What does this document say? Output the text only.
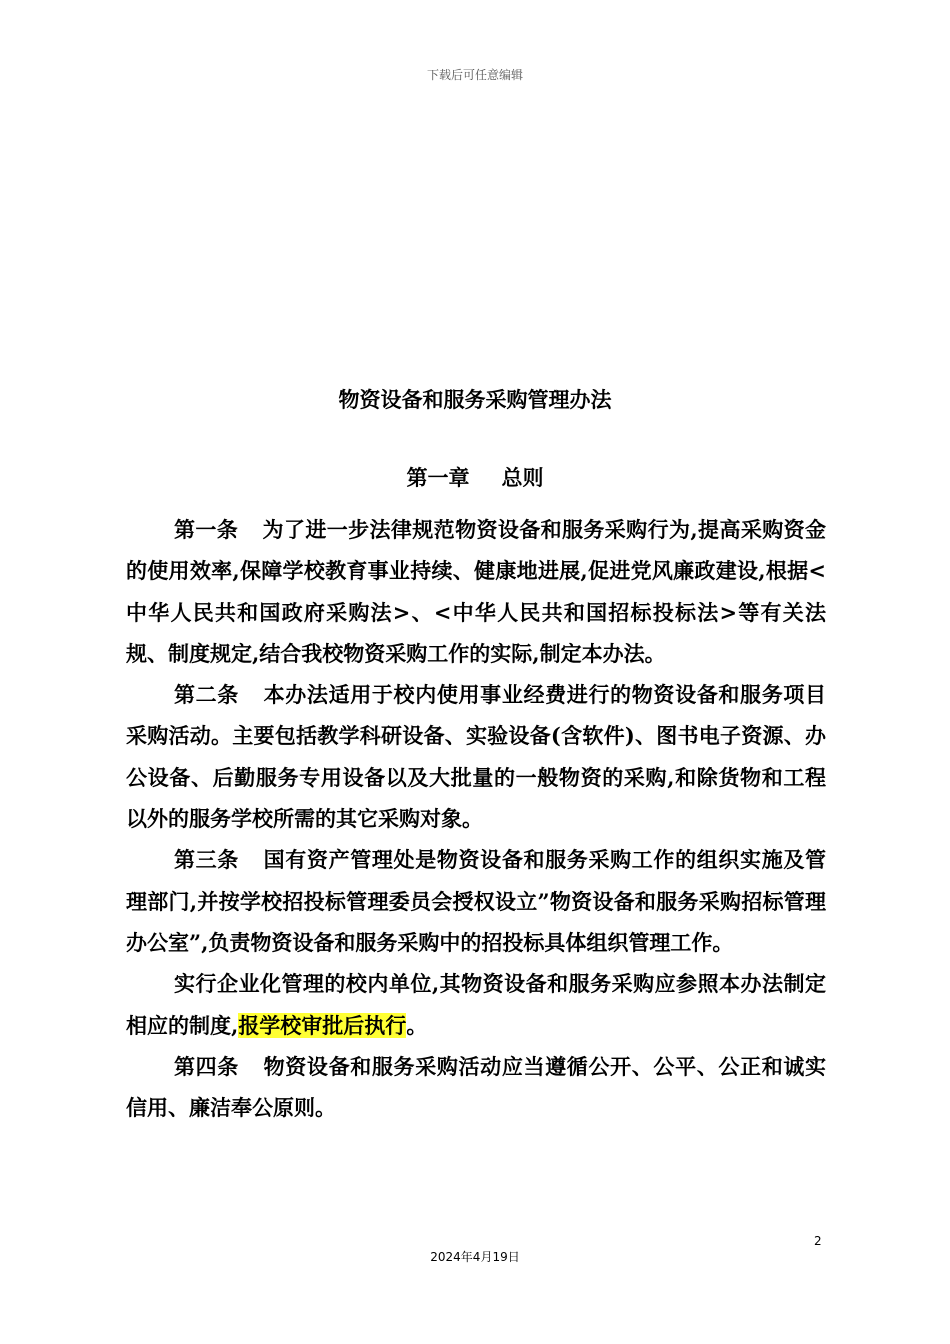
下载后可任意编辑
物资设备和服务采购管理办法
第一章 总则

第一条 为了进一步法律规范物资设备和服务采购行为,提高采购资金的使用效率,保障学校教育事业持续、健康地进展,促进党风廉政建设,根据<中华人民共和国政府采购法>、<中华人民共和国招标投标法>等有关法规、制度规定,结合我校物资采购工作的实际,制定本办法。

第二条 本办法适用于校内使用事业经费进行的物资设备和服务项目采购活动。主要包括教学科研设备、实验设备(含软件)、图书电子资源、办公设备、后勤服务专用设备以及大批量的一般物资的采购,和除货物和工程以外的服务学校所需的其它采购对象。

第三条 国有资产管理处是物资设备和服务采购工作的组织实施及管理部门,并按学校招投标管理委员会授权设立”物资设备和服务采购招标管理办公室”,负责物资设备和服务采购中的招投标具体组织管理工作。

实行企业化管理的校内单位,其物资设备和服务采购应参照本办法制定相应的制度,报学校审批后执行。

第四条 物资设备和服务采购活动应当遵循公开、公平、公正和诚实信用、廉洁奉公原则。

2
2024年4月19日
